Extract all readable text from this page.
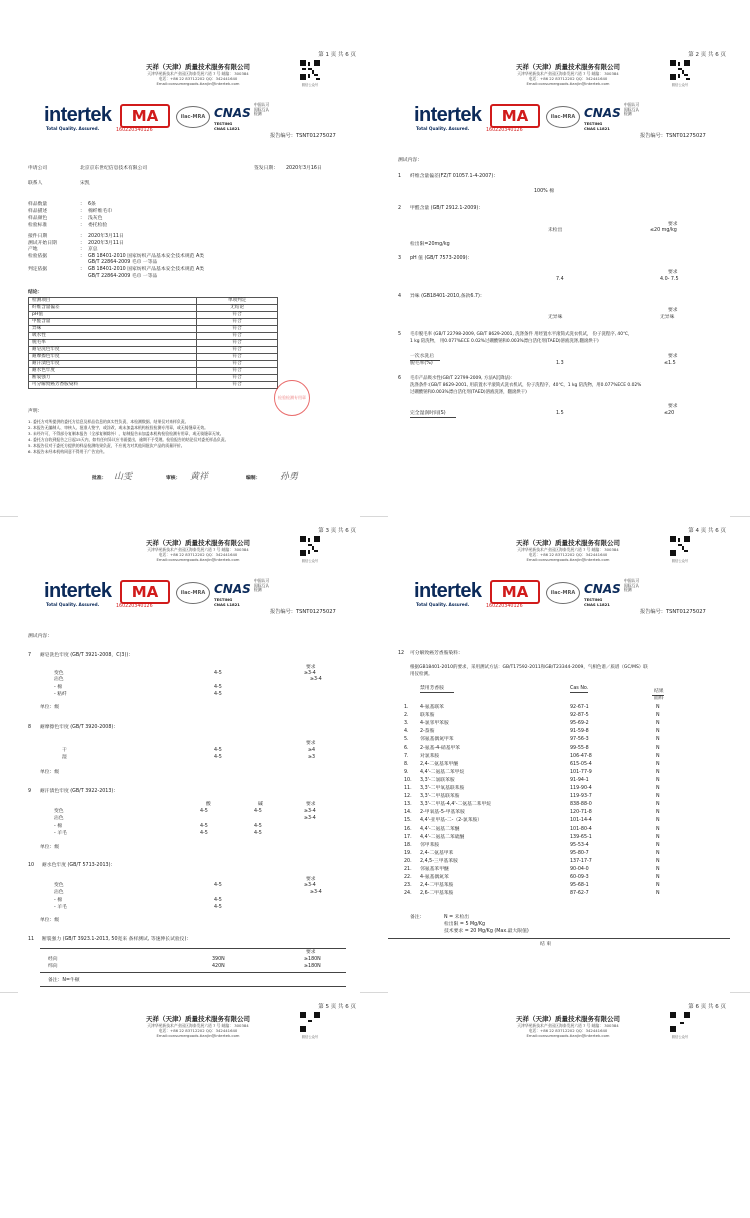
第 1 页 共 6 页
天祥（天津）质量技术服务有限公司
天津华苑新技术产业园区海泰发展六道 7 号 邮编： 300384
电话：+86 22 83712202 QQ：342441640
Email:consumergoods.tianjin@intertek.com	微信公众号
intertek
Total Quality. Assured.
MA
160220340126
ilac-MRA CNAS
TESTING
CNAS L1821
中国认可
国际互认
检测
报告编号：TSNT01275027
申请公司	北京京东世纪信息技术有限公司	签发日期： 2020年3月16日
联系人	宋凯
样品数量	： 6条
样品描述	： 棉纤维毛巾
样品颜色	： 浅灰色
检验标准	： 委托检验
接件日期	： 2020年3月11日
测试开始日期	： 2020年3月11日
产地	： 京总
检验依据	： GB 18401-2010 国家纺织产品基本安全技术规范 A类
GB/T 22864-2009 毛巾 一等品
判定依据	： GB 18401-2010 国家纺织产品基本安全技术规范 A类
GB/T 22864-2009 毛巾 一等品
结论：
检测项目	单项判定
纤维含量偏差	无结论
pH值	符合
甲醛含量	符合
异味	符合
吸水性	符合
脱毛率	符合
耐皂洗色牢度	符合
耐摩擦色牢度	符合
耐汗渍色牢度	符合
耐水色牢度	符合
断裂强力	符合
可分解致癌芳香胺染料	符合
检验检测专用章
声明：
1. 委托方对所提供的委托方信息及样品信息的真实性负责，本检测数据、结果仅对来样负责。
2. 本报告无编制人、审核人、批准人签字，或涂改，或未加盖本机构检验检测专用章，或无骑缝章无效。
3. 未经许可，不得部分复制本报告（全部复制除外），复制报告未加盖本机构检验检测专用章，或无骑缝章无效。
4. 委托方自收到报告之日起15天内，如有任何异议应书面提出，逾期不予受理。检验报告的结论仅对委托样品负责。
5. 本报告仅对于委托方提供的样品检测结果负责，不应视为对其他同批次产品的质量评价。
6. 本报告未经本机构同意不得用于广告宣传。
批准： 山雯	审核： 黄祥	编制： 孙勇
第 2 页 共 6 页
天祥（天津）质量技术服务有限公司
天津华苑新技术产业园区海泰发展六道 7 号 邮编： 300384
电话：+86 22 83712202 QQ：342441640
Email:consumergoods.tianjin@intertek.com	微信公众号
intertek
Total Quality. Assured.
MA
160220340126
ilac-MRA CNAS
TESTING
CNAS L1821
中国认可
国际互认
检测
报告编号：TSNT01275027
测试内容：
1 纤维含量偏差(FZ/T 01057.1-4-2007)：
100% 棉
2 甲醛含量 (GB/T 2912.1-2009)：
要求
未检出	≤20 mg/kg
检出限=20mg/kg
3 pH 值 (GB/T 7573-2009)：
要求
7.4	4.0- 7.5
4 异味 (GB18401-2010,条款6.7)：
要求
无异味	无异味
5 毛巾脱毛率 (GB/T 22798-2009, GB/T 8629-2001, 洗涤条件 用经置水平滚筒式洗衣机试， 份子洗程序, 40℃，
1 kg 陪洗物， 用0.077%ECE 0.02%过硼酸钠和0.003%漂白活化剂(TAED)溶液洗涤,翻滚烘干)
一次水洗后	要求
脱毛率(%)	1.3	≤1.5
6 毛巾产品吸水性(GB/T 22799-2009, 方法A沉降法)：
洗涤条件:(GB/T 8629-2001, 用前置水平滚筒式洗衣机试，份子洗程序，40℃，1 kg 陪洗物，用0.077%ECE 0.02%
过硼酸钠和0.003%漂白活化剂(TAED)溶液洗涤，翻滚烘干)
要求
完全湿润时间(S)	1.5	≤20
第 3 页 共 6 页
天祥（天津）质量技术服务有限公司
天津华苑新技术产业园区海泰发展六道 7 号 邮编： 300384
电话：+86 22 83712202 QQ：342441640
Email:consumergoods.tianjin@intertek.com	微信公众号
intertek
Total Quality. Assured.
MA
160220340126
ilac-MRA CNAS
TESTING
CNAS L1821
中国认可
国际互认
检测
报告编号：TSNT01275027
测试内容：
7 耐皂洗色牢度 (GB/T 3921-2008，C(3))：
要求
变色	4-5	≥3-4
沾色	≥3-4
- 棉	4-5
- 粘纤	4-5
单位：级
8 耐摩擦色牢度 (GB/T 3920-2008)：
要求
干	4-5	≥4
湿	4-5	≥3
单位：级
9 耐汗渍色牢度 (GB/T 3922-2013)：
酸	碱	要求
变色	4-5	4-5	≥3-4
沾色	≥3-4
- 棉	4-5	4-5
- 羊毛	4-5	4-5
单位：级
10 耐水色牢度 (GB/T 5713-2013)：
要求
变色	4-5	≥3-4
沾色	≥3-4
- 棉	4-5
- 羊毛	4-5
单位：级
11 断裂强力 (GB/T 3923.1-2013, 50宽来 条样测试, 等速伸长试验仪)：
要求
经向	390N	≥180N
纬向	420N	≥180N
备注：N=牛顿
第 4 页 共 6 页
天祥（天津）质量技术服务有限公司
天津华苑新技术产业园区海泰发展六道 7 号 邮编： 300384
电话：+86 22 83712202 QQ：342441640
Email:consumergoods.tianjin@intertek.com	微信公众号
intertek
Total Quality. Assured.
MA
160220340126
ilac-MRA CNAS
TESTING
CNAS L1821
中国认可
国际互认
检测
报告编号：TSNT01275027
12 可分解致癌芳香胺染料：
根据GB18401-2010的要求，采用测试方法：GB/T17592-2011和GB/T23344-2009，气相色谱／质谱（GC/MS）联
用仪检测。
禁用芳香胺	Cas No.
结果
面料
1. 4-氨基联苯	92-67-1	N
2. 联苯胺	92-87-5	N
3. 4-氯邻甲苯胺	95-69-2	N
4. 2-萘胺	91-59-8	N
5. 邻氨基偶氮甲苯	97-56-3	N
6. 2-氨基-4-硝基甲苯	99-55-8	N
7. 对氯苯胺	106-47-8	N
8. 2,4-二氨基苯甲醚	615-05-4	N
9. 4,4'-二氨基二苯甲烷	101-77-9	N
10. 3,3'-二氯联苯胺	91-94-1	N
11. 3,3'-二甲氧基联苯胺	119-90-4	N
12. 3,3'-二甲基联苯胺	119-93-7	N
13. 3,3'-二甲基-4,4'-二氨基二苯甲烷	838-88-0	N
14. 2-甲氧基-5-甲基苯胺	120-71-8	N
15. 4,4'-亚甲基-二-（2-氯苯胺）	101-14-4	N
16. 4,4'-二氨基二苯醚	101-80-4	N
17. 4,4'-二氨基二苯硫醚	139-65-1	N
18. 邻甲苯胺	95-53-4	N
19. 2,4-二氨基甲苯	95-80-7	N
20. 2,4,5-三甲基苯胺	137-17-7	N
21. 邻氨基苯甲醚	90-04-0	N
22. 4-氨基偶氮苯	60-09-3	N
23. 2,4-二甲基苯胺	95-68-1	N
24. 2,6-二甲基苯胺	87-62-7	N
备注：	N = 未检出
检出限 = 5 Mg/Kg
技术要求 = 20 Mg/Kg (Max.最大限值)
结 束
第 5 页 共 6 页
天祥（天津）质量技术服务有限公司
天津华苑新技术产业园区海泰发展六道 7 号 邮编： 300384
电话：+86 22 83712202 QQ：342441640
Email:consumergoods.tianjin@intertek.com	微信公众号
第 6 页 共 6 页
天祥（天津）质量技术服务有限公司
天津华苑新技术产业园区海泰发展六道 7 号 邮编： 300384
电话：+86 22 83712202 QQ：342441640
Email:consumergoods.tianjin@intertek.com	微信公众号
